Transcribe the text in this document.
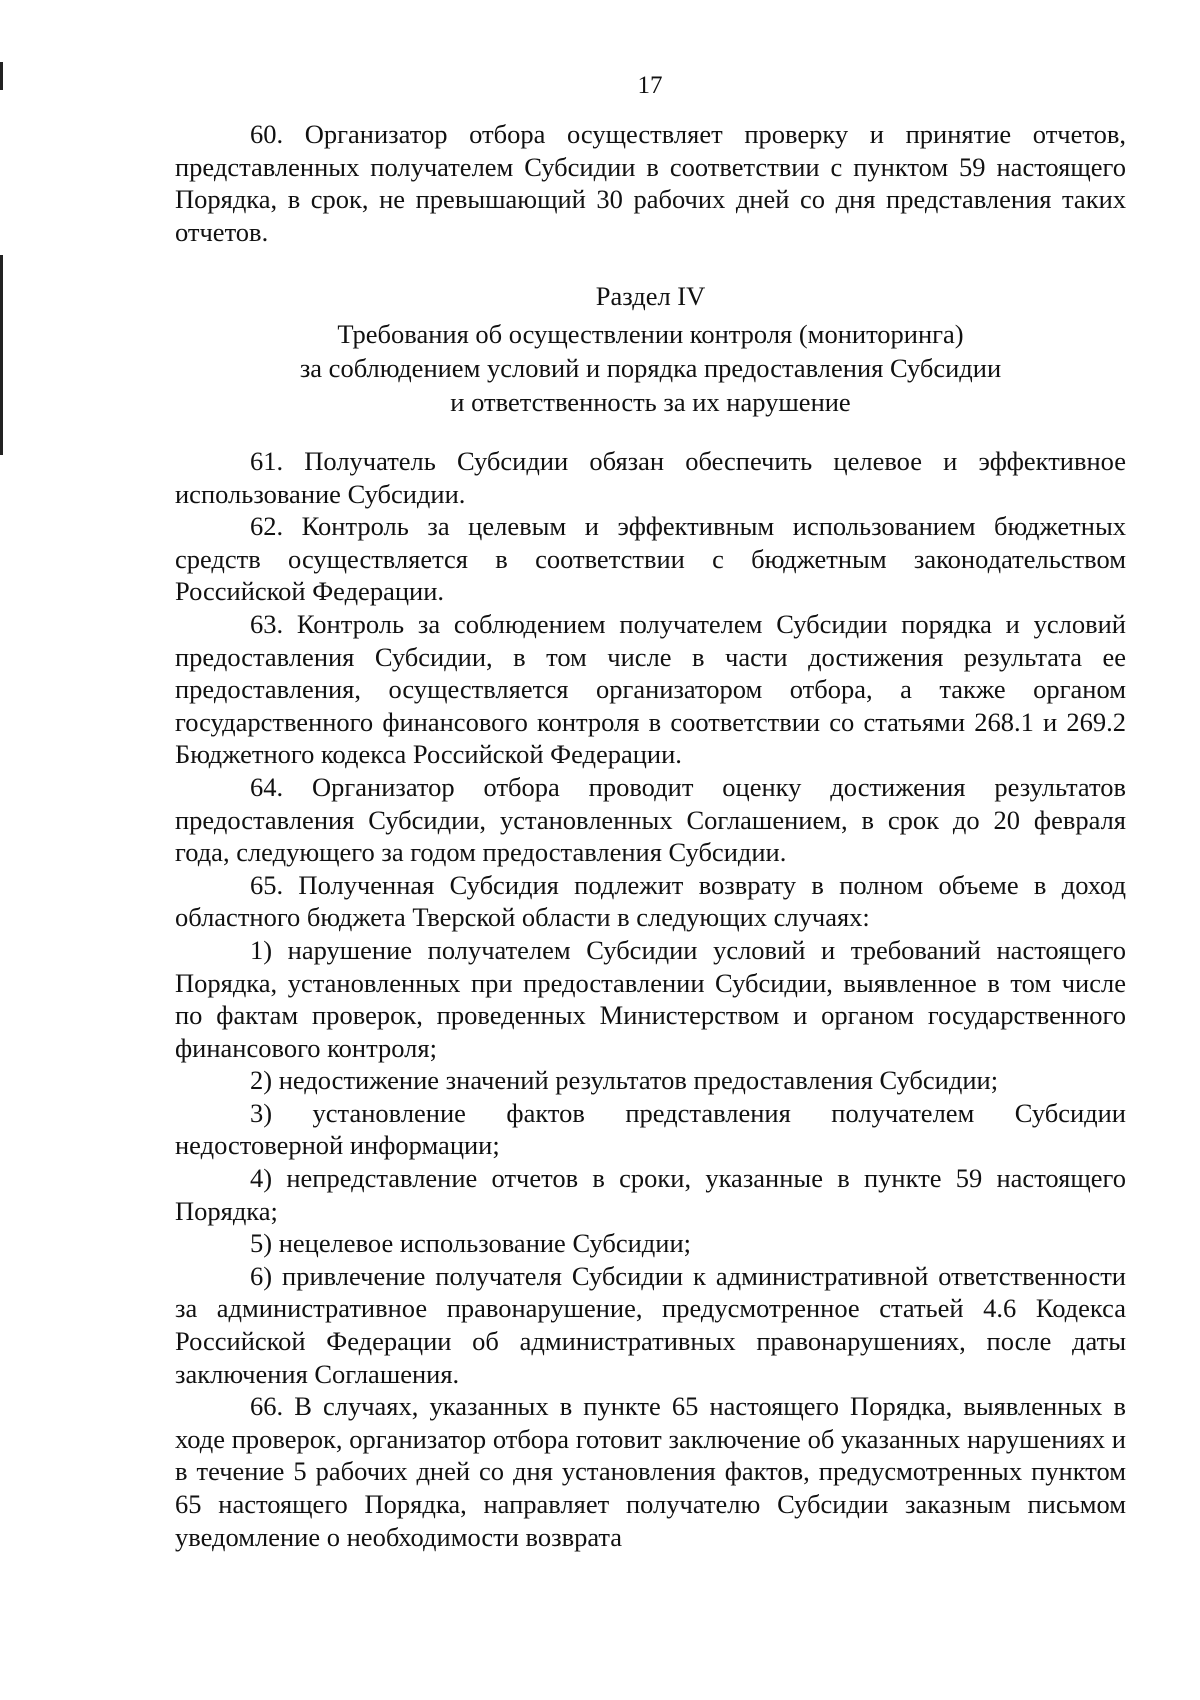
17

60. Организатор отбора осуществляет проверку и принятие отчетов, представленных получателем Субсидии в соответствии с пунктом 59 настоящего Порядка, в срок, не превышающий 30 рабочих дней со дня представления таких отчетов.

Раздел IV
Требования об осуществлении контроля (мониторинга)
за соблюдением условий и порядка предоставления Субсидии
и ответственность за их нарушение

61. Получатель Субсидии обязан обеспечить целевое и эффективное использование Субсидии.

62. Контроль за целевым и эффективным использованием бюджетных средств осуществляется в соответствии с бюджетным законодательством Российской Федерации.

63. Контроль за соблюдением получателем Субсидии порядка и условий предоставления Субсидии, в том числе в части достижения результата ее предоставления, осуществляется организатором отбора, а также органом государственного финансового контроля в соответствии со статьями 268.1 и 269.2 Бюджетного кодекса Российской Федерации.

64. Организатор отбора проводит оценку достижения результатов предоставления Субсидии, установленных Соглашением, в срок до 20 февраля года, следующего за годом предоставления Субсидии.

65. Полученная Субсидия подлежит возврату в полном объеме в доход областного бюджета Тверской области в следующих случаях:

1) нарушение получателем Субсидии условий и требований настоящего Порядка, установленных при предоставлении Субсидии, выявленное в том числе по фактам проверок, проведенных Министерством и органом государственного финансового контроля;

2) недостижение значений результатов предоставления Субсидии;

3) установление фактов представления получателем Субсидии недостоверной информации;

4) непредставление отчетов в сроки, указанные в пункте 59 настоящего Порядка;

5) нецелевое использование Субсидии;

6) привлечение получателя Субсидии к административной ответственности за административное правонарушение, предусмотренное статьей 4.6 Кодекса Российской Федерации об административных правонарушениях, после даты заключения Соглашения.

66. В случаях, указанных в пункте 65 настоящего Порядка, выявленных в ходе проверок, организатор отбора готовит заключение об указанных нарушениях и в течение 5 рабочих дней со дня установления фактов, предусмотренных пунктом 65 настоящего Порядка, направляет получателю Субсидии заказным письмом уведомление о необходимости возврата
